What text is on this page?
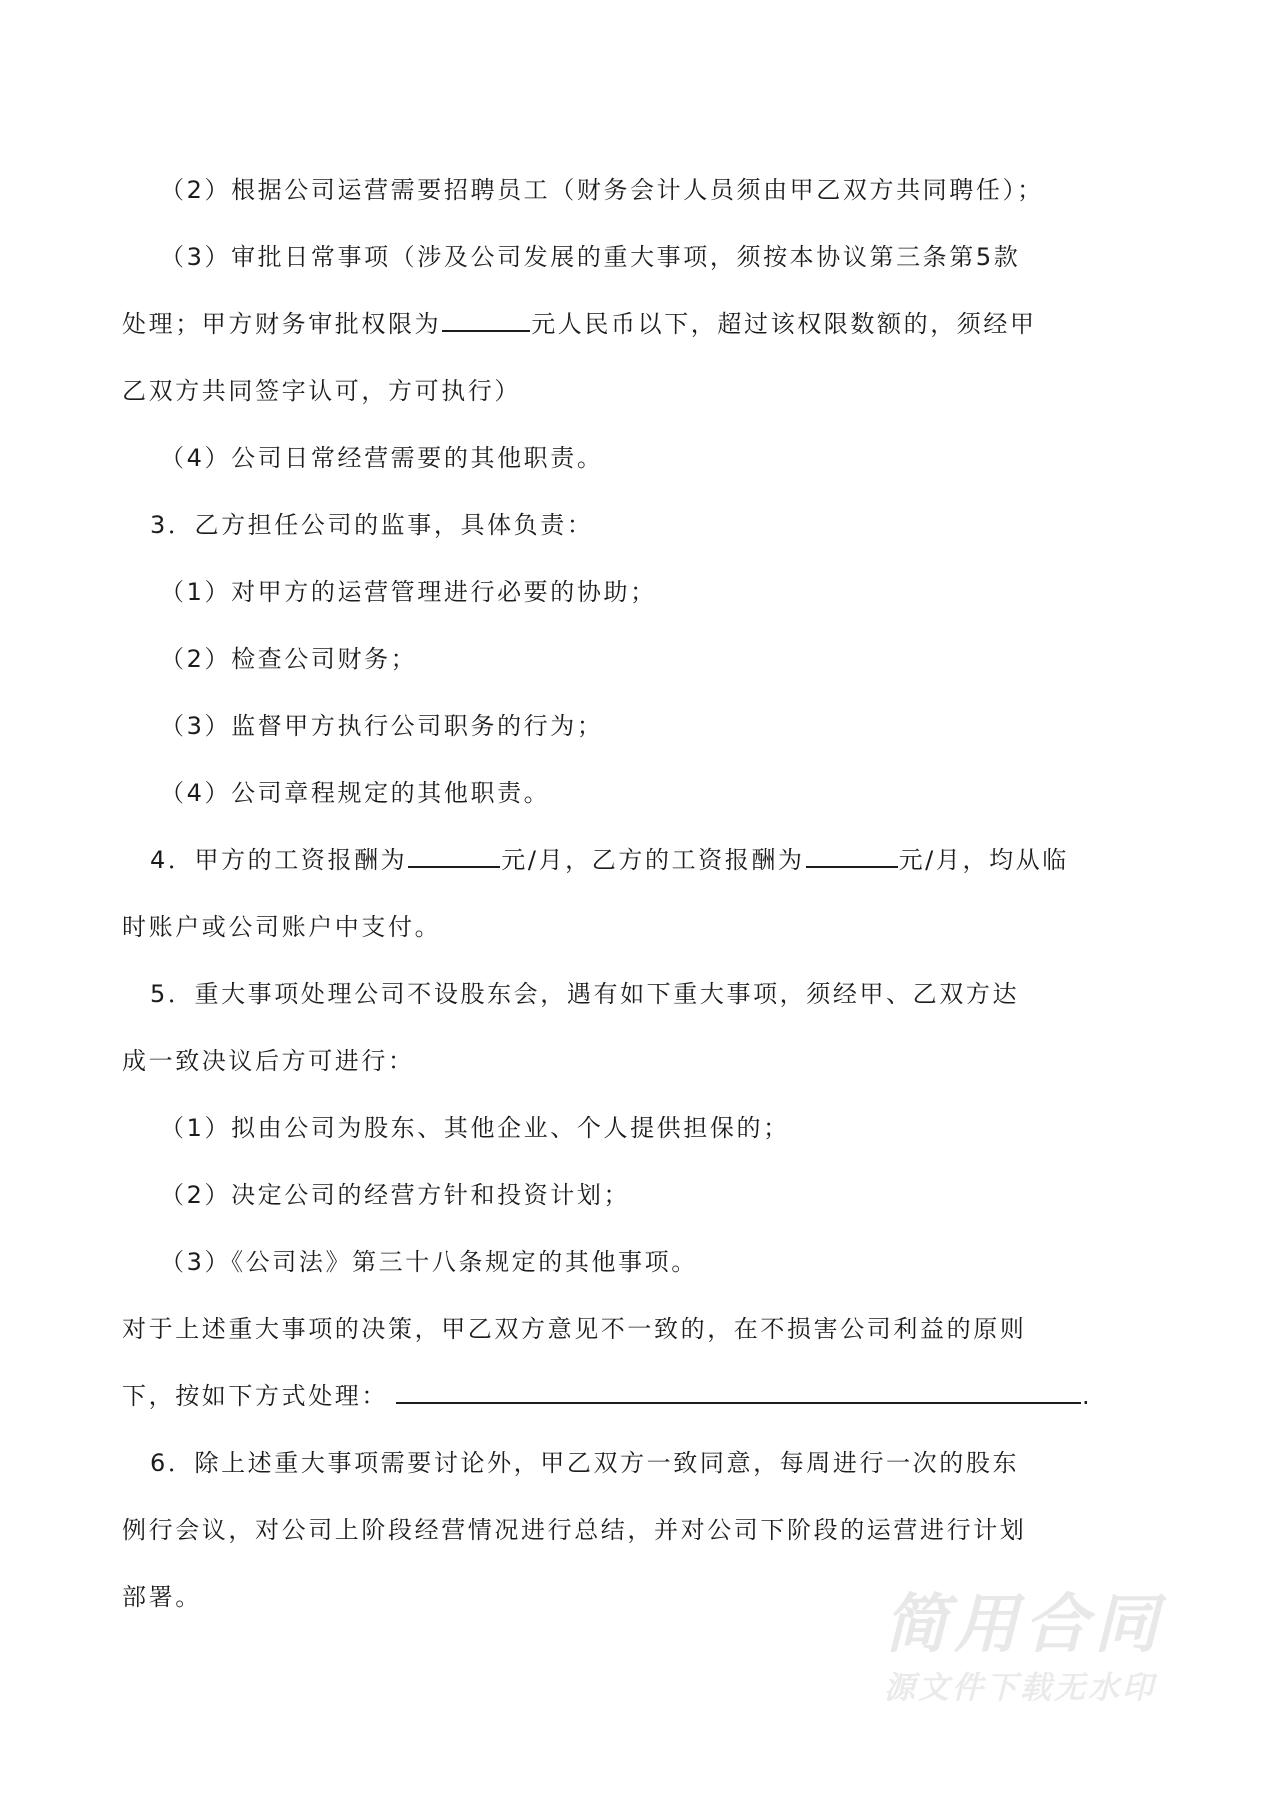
（2）根据公司运营需要招聘员工（财务会计人员须由甲乙双方共同聘任）；
（3）审批日常事项（涉及公司发展的重大事项，须按本协议第三条第5款
处理；甲方财务审批权限为	元人民币以下，超过该权限数额的，须经甲
乙双方共同签字认可，方可执行）
（4）公司日常经营需要的其他职责。
3．乙方担任公司的监事，具体负责：
（1）对甲方的运营管理进行必要的协助；
（2）检查公司财务；
（3）监督甲方执行公司职务的行为；
（4）公司章程规定的其他职责。
4．甲方的工资报酬为	元/月，乙方的工资报酬为	元/月，均从临
时账户或公司账户中支付。
5．重大事项处理公司不设股东会，遇有如下重大事项，须经甲、乙双方达
成一致决议后方可进行：
（1）拟由公司为股东、其他企业、个人提供担保的；
（2）决定公司的经营方针和投资计划；
（3）《公司法》第三十八条规定的其他事项。
对于上述重大事项的决策，甲乙双方意见不一致的，在不损害公司利益的原则
下，按如下方式处理：	.
6．除上述重大事项需要讨论外，甲乙双方一致同意，每周进行一次的股东
例行会议，对公司上阶段经营情况进行总结，并对公司下阶段的运营进行计划
部署。	简用合同
源文件下载无水印
